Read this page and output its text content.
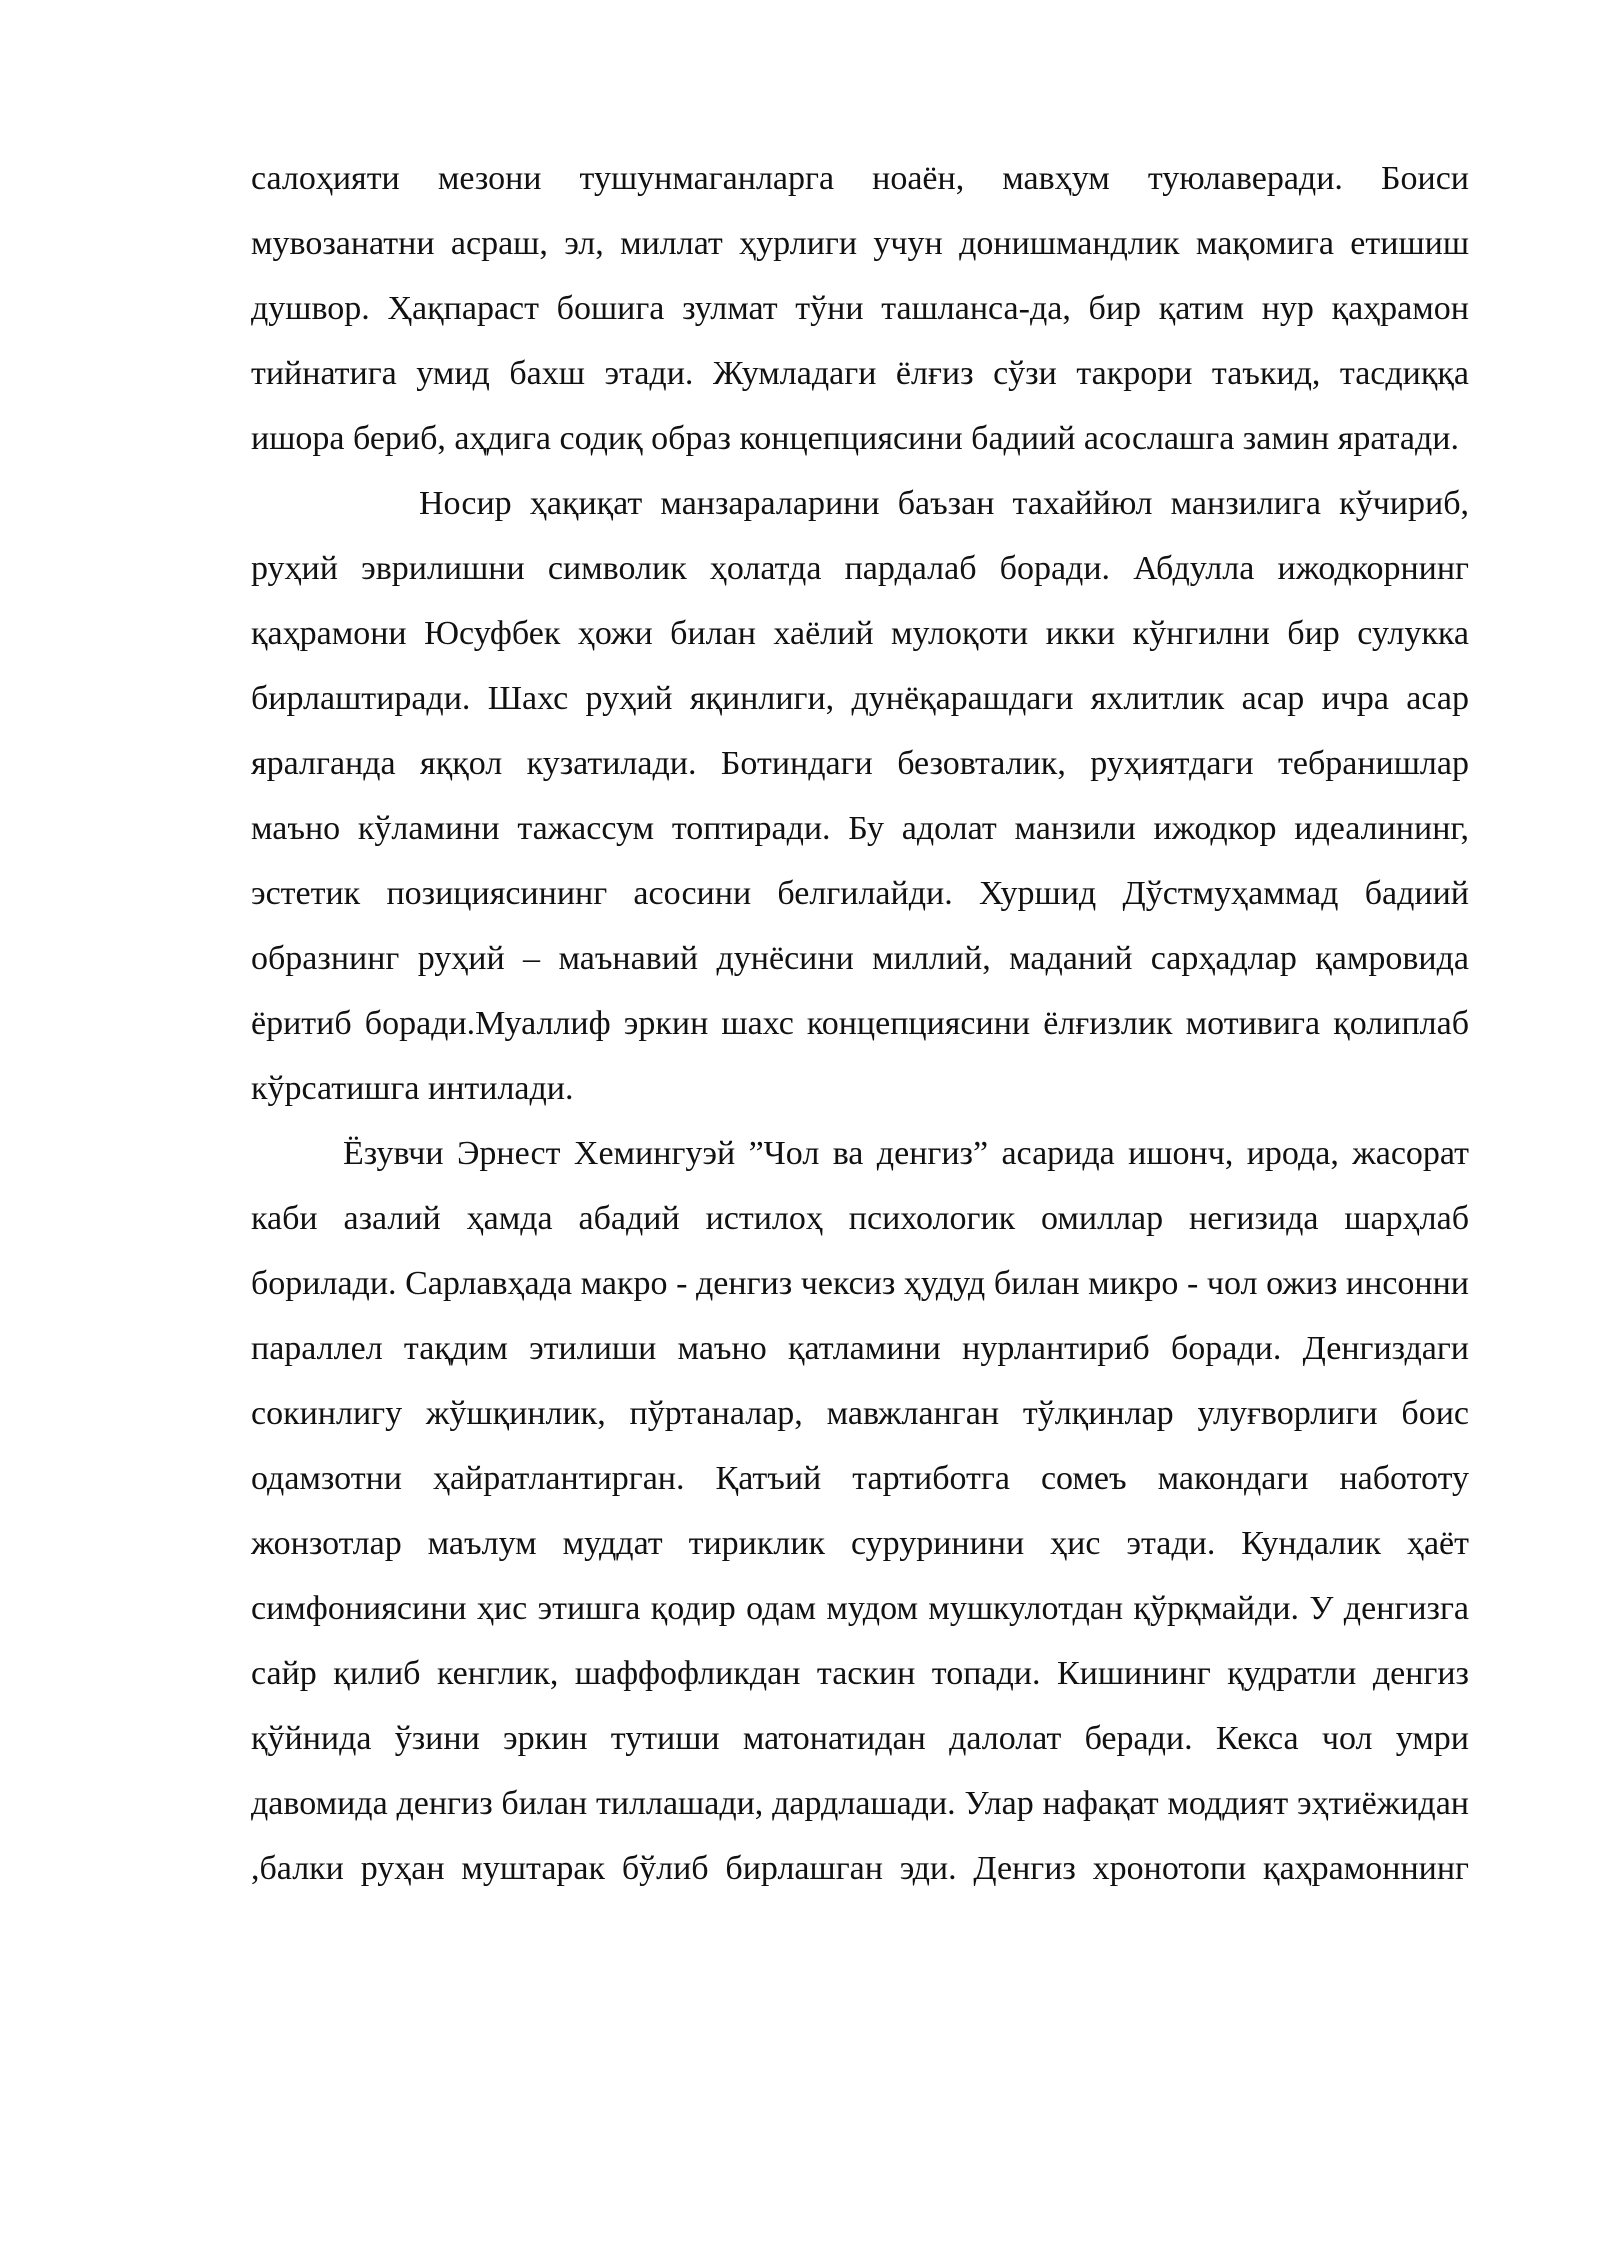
салоҳияти мезони тушунмаганларга ноаён, мавҳум туюлаверади. Боиси мувозанатни асраш, эл, миллат ҳурлиги учун донишмандлик мақомига етишиш душвор. Ҳақпараст бошига зулмат тўни ташланса-да, бир қатим нур қаҳрамон тийнатига умид бахш этади. Жумладаги ёлғиз сўзи такрори таъкид, тасдиққа ишора бериб, аҳдига содиқ образ концепциясини бадиий асослашга замин яратади.

Носир ҳақиқат манзараларини баъзан тахаййюл манзилига кўчириб, руҳий эврилишни символик ҳолатда пардалаб боради. Абдулла ижодкорнинг қаҳрамони Юсуфбек ҳожи билан хаёлий мулоқоти икки кўнгилни бир сулукка бирлаштиради. Шахс руҳий яқинлиги, дунёқарашдаги яхлитлик асар ичра асар яралганда яққол кузатилади. Ботиндаги безовталик, руҳиятдаги тебранишлар маъно кўламини тажассум топтиради. Бу адолат манзили ижодкор идеалининг, эстетик позициясининг асосини белгилайди. Хуршид Дўстмуҳаммад бадиий образнинг руҳий – маънавий дунёсини миллий, маданий сарҳадлар қамровида ёритиб боради.Муаллиф эркин шахс концепциясини ёлғизлик мотивига қолиплаб кўрсатишга интилади.

Ёзувчи Эрнест Хемингуэй ”Чол ва денгиз” асарида ишонч, ирода, жасорат каби азалий ҳамда абадий истилоҳ психологик омиллар негизида шарҳлаб борилади. Сарлавҳада макро - денгиз чексиз ҳудуд билан микро - чол ожиз инсонни параллел тақдим этилиши маъно қатламини нурлантириб боради. Денгиздаги сокинлигу жўшқинлик, пўртаналар, мавжланган тўлқинлар улуғворлиги боис одамзотни ҳайратлантирган. Қатъий тартиботга сомеъ макондаги набототу жонзотлар маълум муддат тириклик суруринини ҳис этади. Кундалик ҳаёт симфониясини ҳис этишга қодир одам мудом мушкулотдан қўрқмайди. У денгизга сайр қилиб кенглик, шаффофликдан таскин топади. Кишининг қудратли денгиз қўйнида ўзини эркин тутиши матонатидан далолат беради. Кекса чол умри давомида денгиз билан тиллашади, дардлашади. Улар нафақат моддият эҳтиёжидан ,балки руҳан муштарак бўлиб бирлашган эди. Денгиз хронотопи қаҳрамоннинг
